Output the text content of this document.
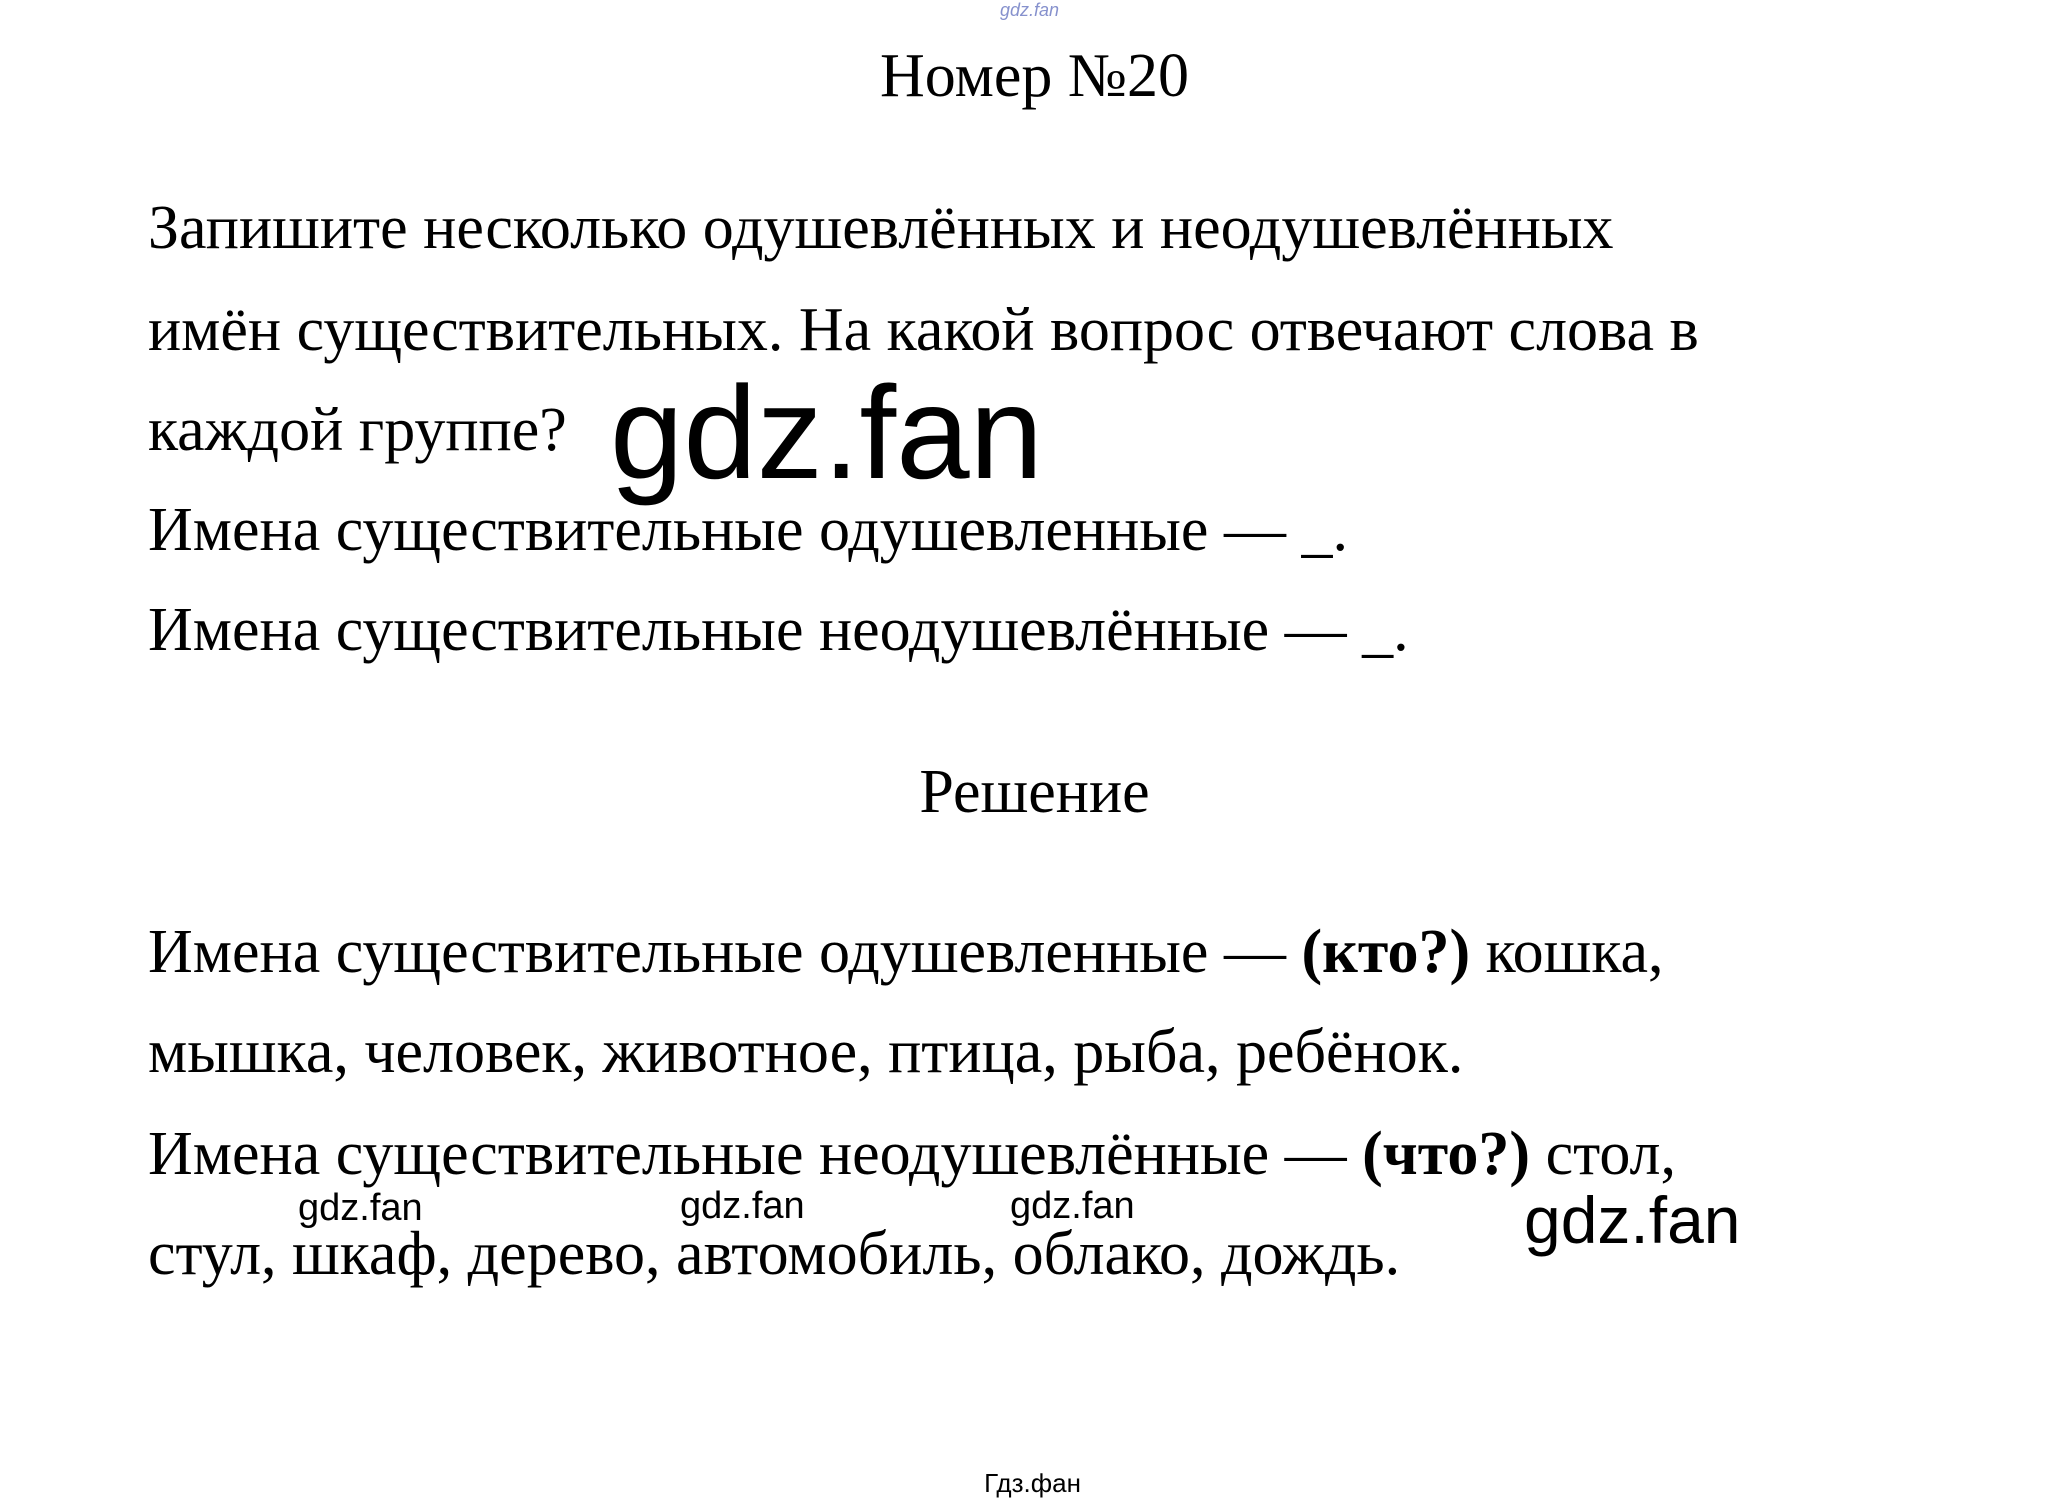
gdz.fan
Номер №20

Запишите несколько одушевлённых и неодушевлённых

имён существительных. На какой вопрос отвечают слова в

каждой группе?

Имена существительные одушевленные — _.

Имена существительные неодушевлённые — _.

Решение

Имена существительные одушевленные — (кто?) кошка,

мышка, человек, животное, птица, рыба, ребёнок.

Имена существительные неодушевлённые — (что?) стол,

стул, шкаф, дерево, автомобиль, облако, дождь.

gdz.fan
gdz.fan	gdz.fan	gdz.fan	gdz.fan
Гдз.фан
